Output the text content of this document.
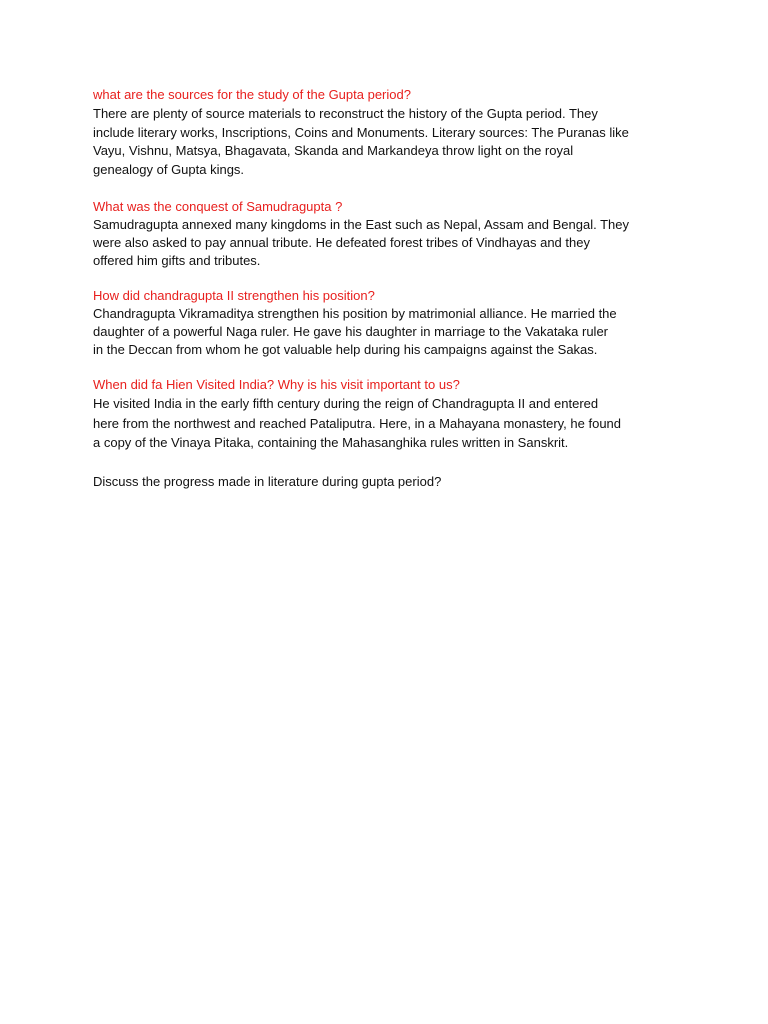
what are the sources for the study of the Gupta period?

There are plenty of source materials to reconstruct the history of the Gupta period. They
include literary works, Inscriptions, Coins and Monuments. Literary sources: The Puranas like
Vayu, Vishnu, Matsya, Bhagavata, Skanda and Markandeya throw light on the royal
genealogy of Gupta kings.

What was the conquest of Samudragupta ?

Samudragupta annexed many kingdoms in the East such as Nepal, Assam and Bengal. They
were also asked to pay annual tribute. He defeated forest tribes of Vindhayas and they
offered him gifts and tributes.

How did chandragupta II strengthen his position?

Chandragupta Vikramaditya strengthen his position by matrimonial alliance. He married the
daughter of a powerful Naga ruler. He gave his daughter in marriage to the Vakataka ruler
in the Deccan from whom he got valuable help during his campaigns against the Sakas.

When did fa Hien Visited India? Why is his visit important to us?

He visited India in the early fifth century during the reign of Chandragupta II and entered
here from the northwest and reached Pataliputra. Here, in a Mahayana monastery, he found
a copy of the Vinaya Pitaka, containing the Mahasanghika rules written in Sanskrit.

Discuss the progress made in literature during gupta period?
